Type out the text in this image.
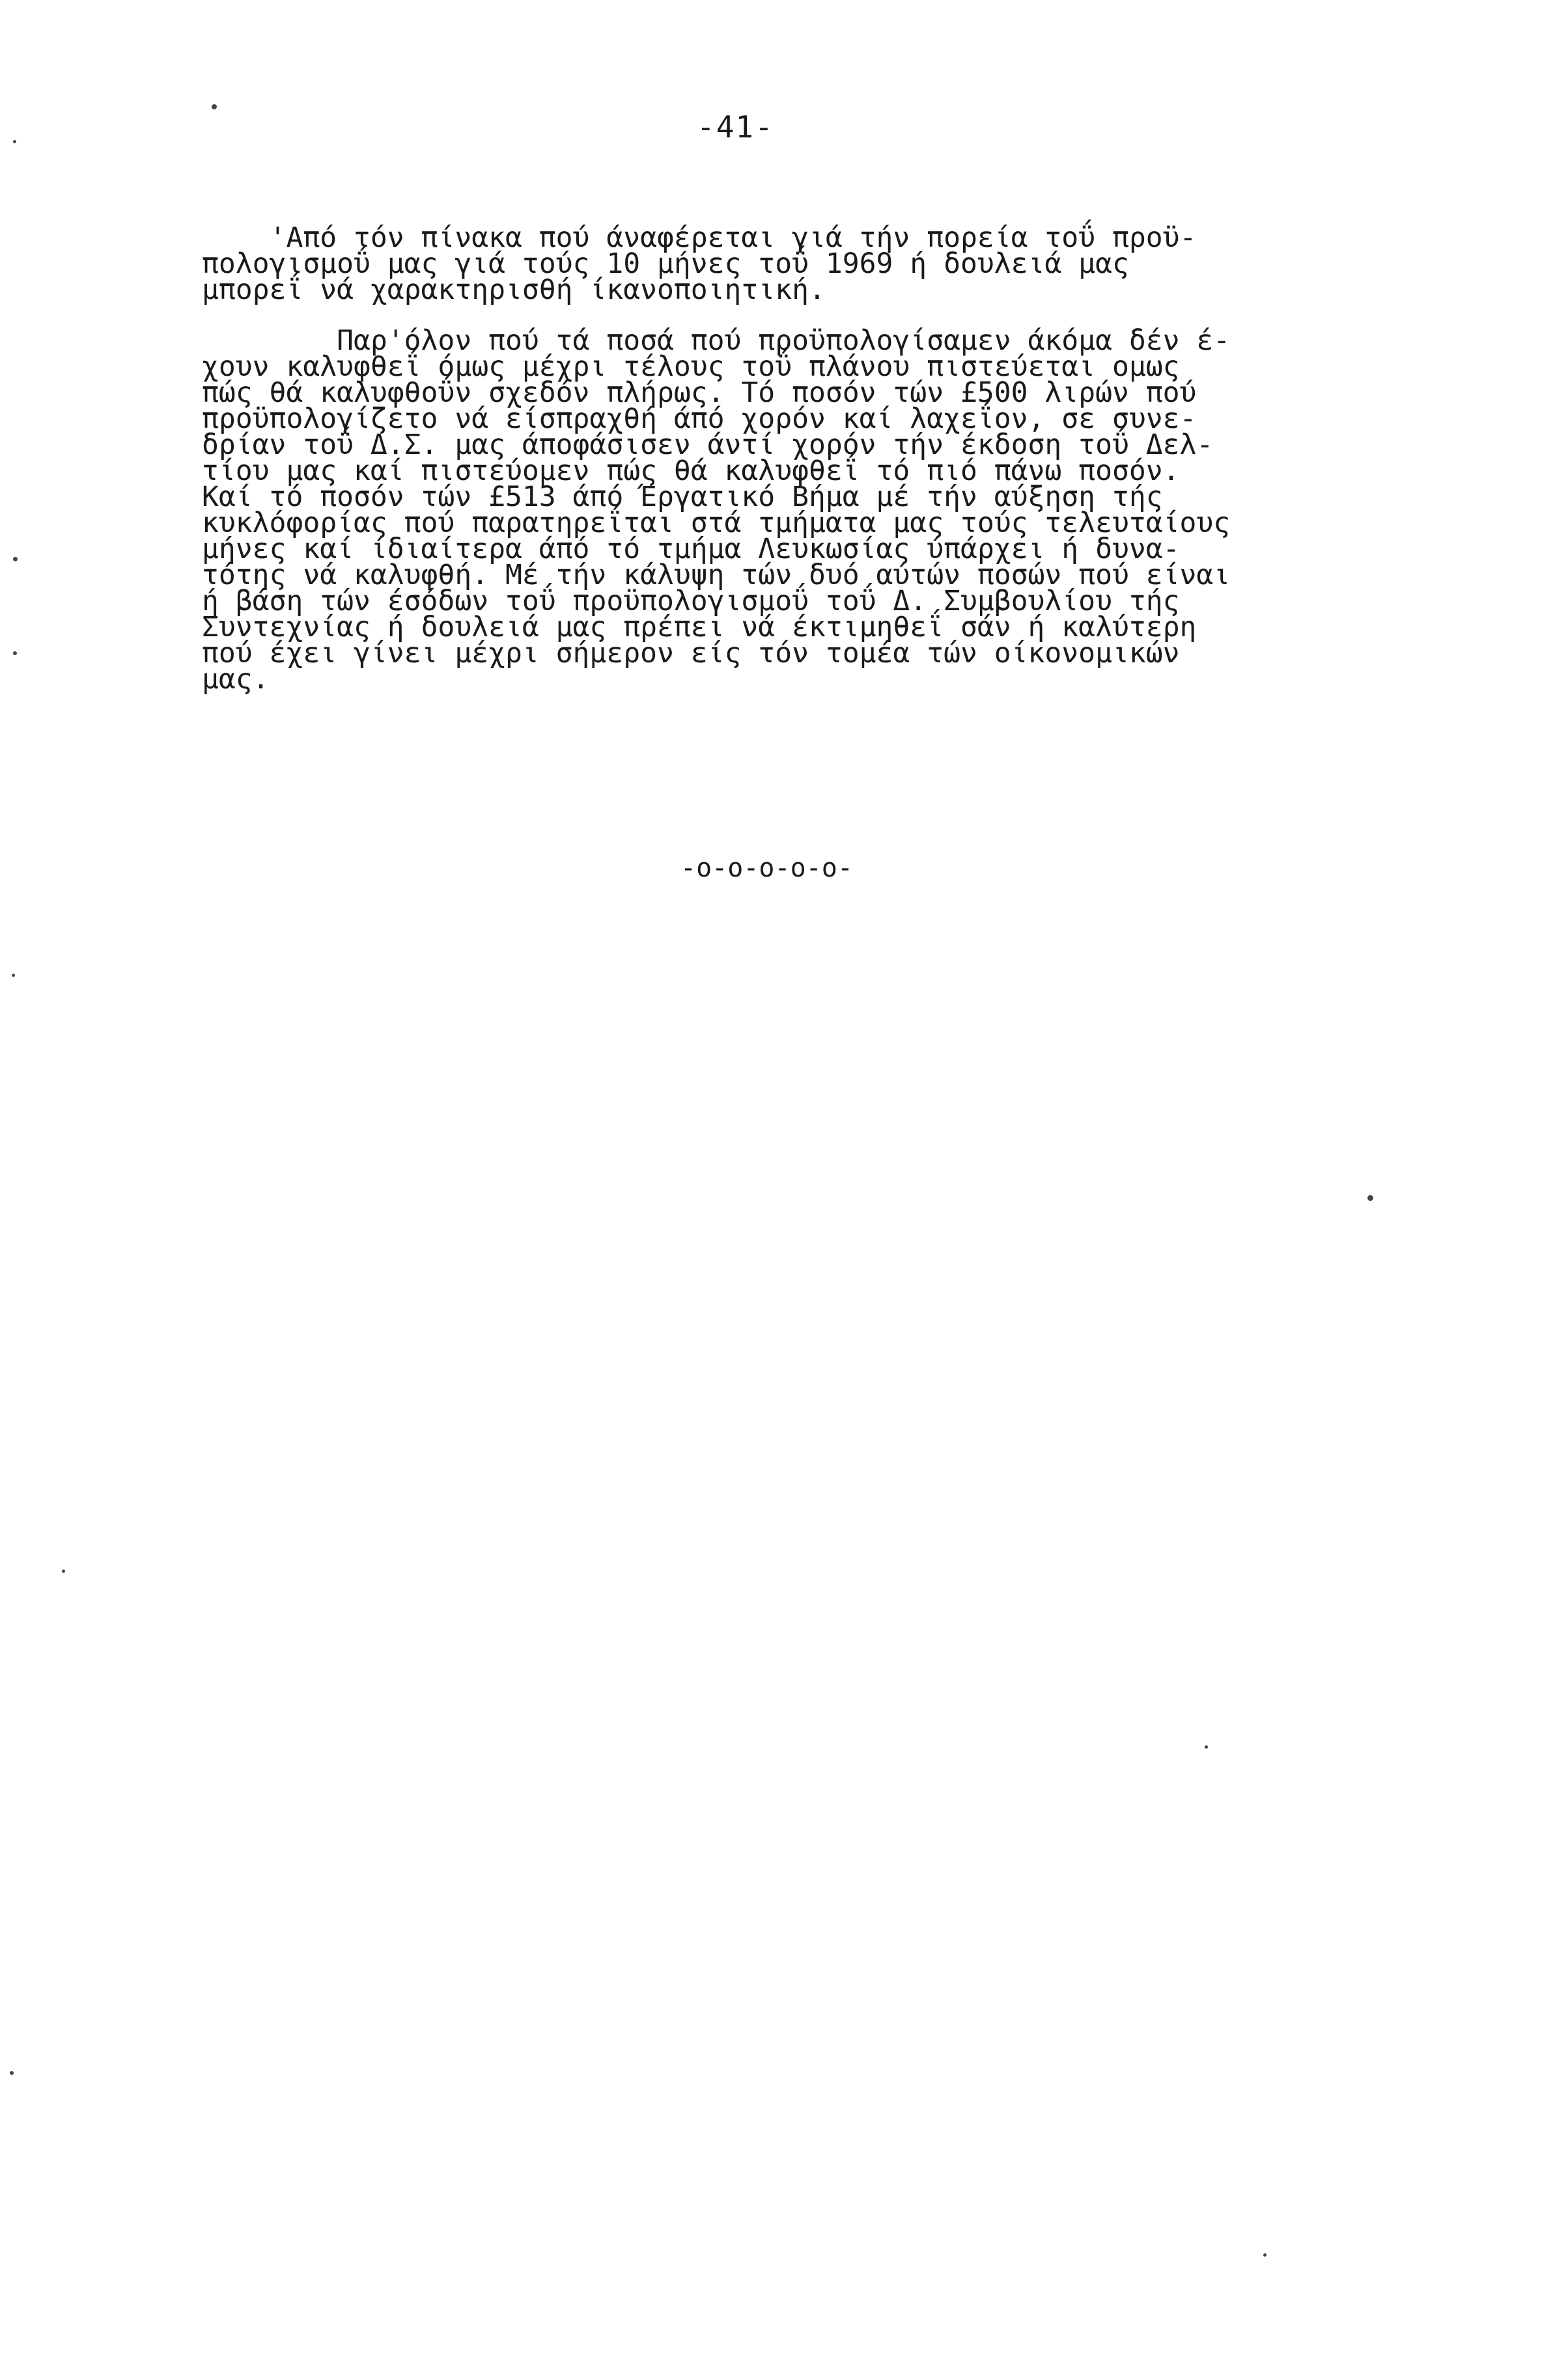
-41-
'Από τόν πίνακα πού άναφέρεται γιά τήν πορεία τοΰ προϋ-
πολογισμοΰ μας γιά τούς 10 μήνες τοΰ 1969 ή δουλειά μας
μπορεΐ νά χαρακτηρισθή ίκανοποιητική.
Παρ'όλον πού τά ποσά πού προϋπολογίσαμεν άκόμα δέν έ-
χουν καλυφθεΐ όμως μέχρι τέλους τοΰ πλάνου πιστεύεται ομως
πώς θά καλυφθοΰν σχεδόν πλήρως. Τό ποσόν τών £500 λιρών πού
προϋπολογίζετο νά είσπραχθή άπό χορόν καί λαχεΐον, σε συνε-
δρίαν τοΰ Δ.Σ. μας άποφάσισεν άντί χορόν τήν έκδοση τοΰ Δελ-
τίου μας καί πιστεύομεν πώς θά καλυφθεΐ τό πιό πάνω ποσόν.
Καί τό ποσόν τών £513 άπό Έργατικό Βήμα μέ τήν αύξηση τής
κυκλόφορίας πού παρατηρεΐται στά τμήματα μας τούς τελευταίους
μήνες καί ίδιαίτερα άπό τό τμήμα Λευκωσίας ύπάρχει ή δυνα-
τότης νά καλυφθή. Μέ τήν κάλυψη τών δυό αύτών ποσών πού είναι
ή βάση τών έσόδων τοΰ προϋπολογισμοΰ τοΰ Δ. Συμβουλίου τής
Συντεχνίας ή δουλειά μας πρέπει νά έκτιμηθεΐ σάν ή καλύτερη
πού έχει γίνει μέχρι σήμερον είς τόν τομέα τών οίκονομικών
μας.
-ο-ο-ο-ο-ο-
